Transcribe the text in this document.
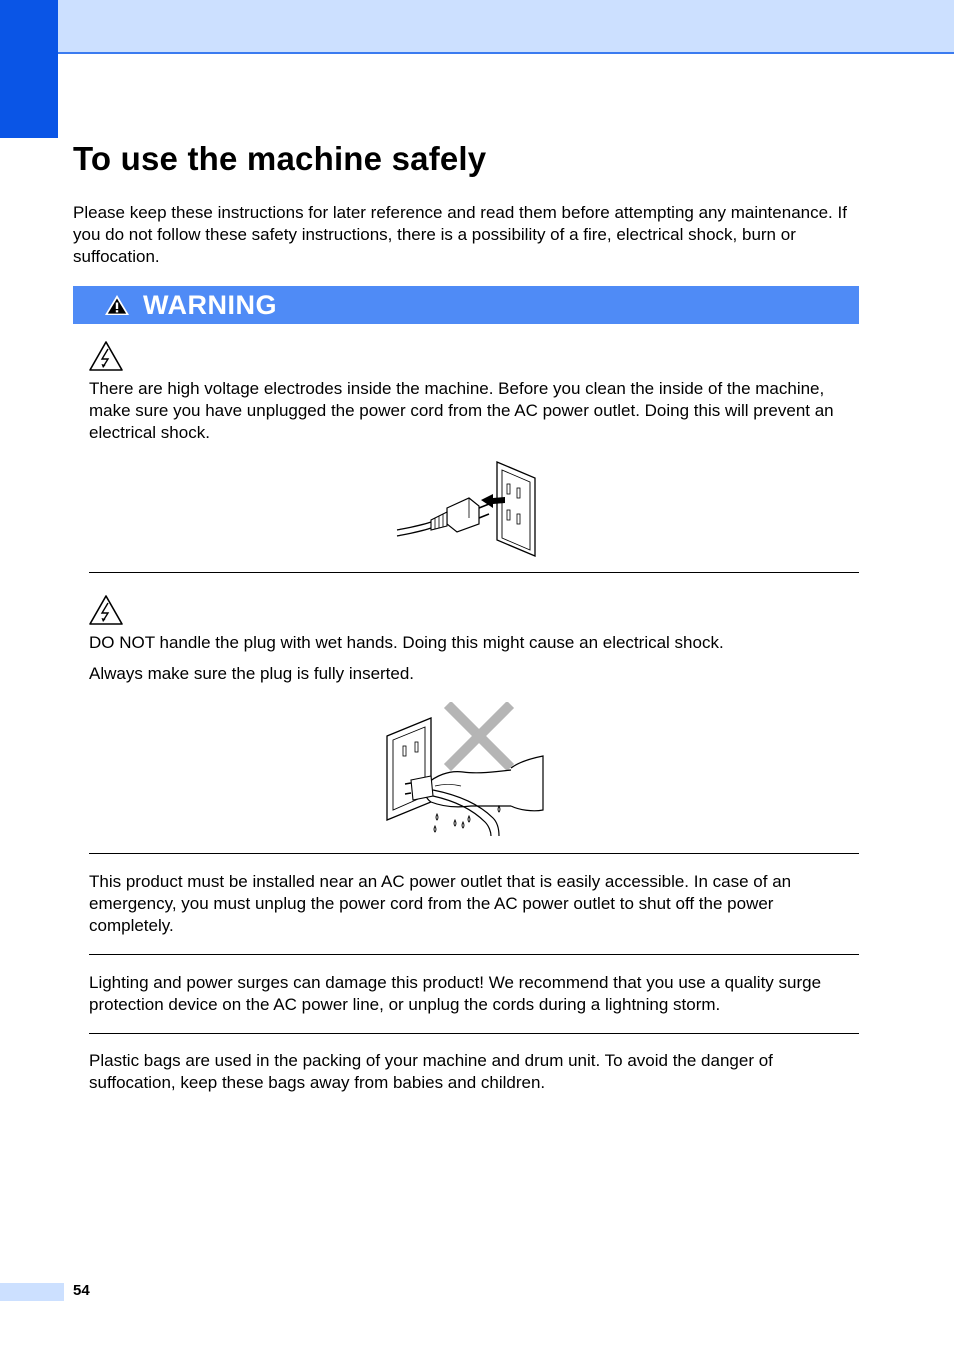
To use the machine safely

Please keep these instructions for later reference and read them before attempting any maintenance. If you do not follow these safety instructions, there is a possibility of a fire, electrical shock, burn or suffocation.

WARNING

There are high voltage electrodes inside the machine. Before you clean the inside of the machine, make sure you have unplugged the power cord from the AC power outlet. Doing this will prevent an electrical shock.

DO NOT handle the plug with wet hands. Doing this might cause an electrical shock.

Always make sure the plug is fully inserted.

This product must be installed near an AC power outlet that is easily accessible. In case of an emergency, you must unplug the power cord from the AC power outlet to shut off the power completely.

Lighting and power surges can damage this product! We recommend that you use a quality surge protection device on the AC power line, or unplug the cords during a lightning storm.

Plastic bags are used in the packing of your machine and drum unit. To avoid the danger of suffocation, keep these bags away from babies and children.

54
